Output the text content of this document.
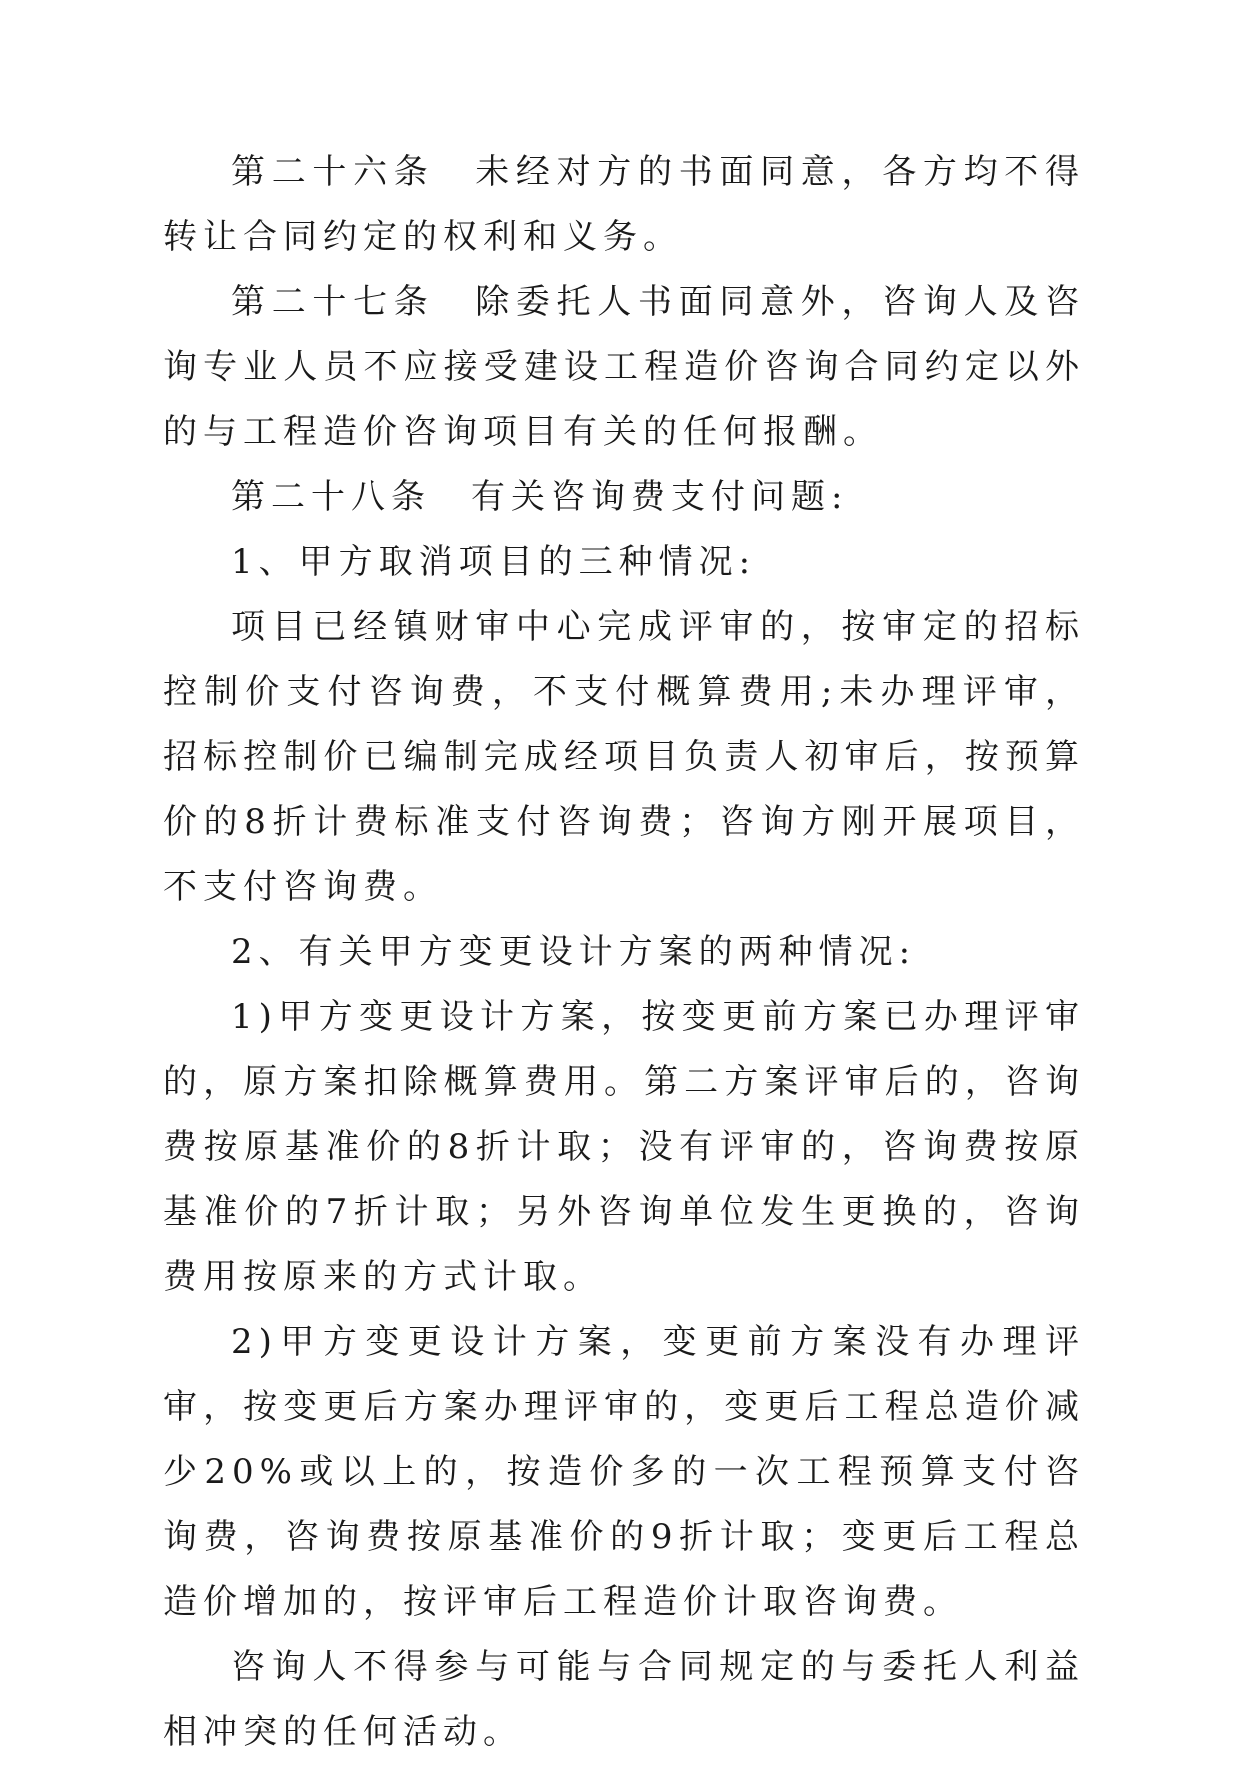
第二十六条　未经对方的书面同意，各方均不得转让合同约定的权利和义务。

第二十七条　除委托人书面同意外，咨询人及咨询专业人员不应接受建设工程造价咨询合同约定以外的与工程造价咨询项目有关的任何报酬。

第二十八条　有关咨询费支付问题:

1、甲方取消项目的三种情况:

项目已经镇财审中心完成评审的，按审定的招标控制价支付咨询费，不支付概算费用;未办理评审，招标控制价已编制完成经项目负责人初审后，按预算价的8折计费标准支付咨询费；咨询方刚开展项目，不支付咨询费。

2、有关甲方变更设计方案的两种情况:

1)甲方变更设计方案，按变更前方案已办理评审的，原方案扣除概算费用。第二方案评审后的，咨询费按原基准价的8折计取；没有评审的，咨询费按原基准价的7折计取；另外咨询单位发生更换的，咨询费用按原来的方式计取。

2)甲方变更设计方案，变更前方案没有办理评审，按变更后方案办理评审的，变更后工程总造价减少20%或以上的，按造价多的一次工程预算支付咨询费，咨询费按原基准价的9折计取；变更后工程总造价增加的，按评审后工程造价计取咨询费。

咨询人不得参与可能与合同规定的与委托人利益相冲突的任何活动。
